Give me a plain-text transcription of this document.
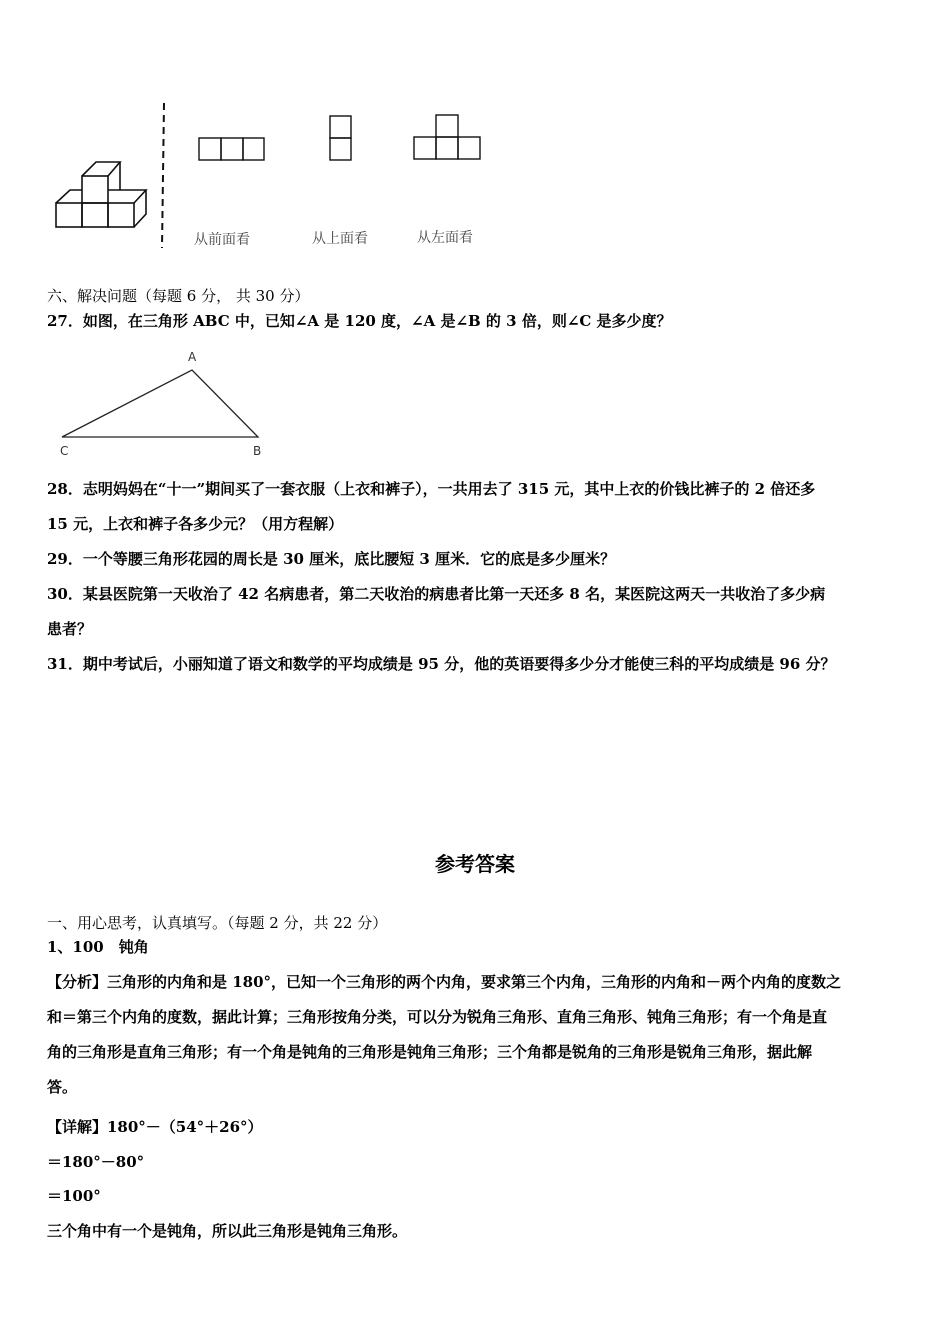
从前面看	从上面看	从左面看
六、解决问题（每题 6 分， 共 30 分）
27．如图，在三角形 ABC 中，已知∠A 是 120 度，∠A 是∠B 的 3 倍，则∠C 是多少度？
A
C	B
28．志明妈妈在“十一”期间买了一套衣服（上衣和裤子），一共用去了 315 元，其中上衣的价钱比裤子的 2 倍还多
15 元，上衣和裤子各多少元？（用方程解）
29．一个等腰三角形花园的周长是 30 厘米，底比腰短 3 厘米．它的底是多少厘米？
30．某县医院第一天收治了 42 名病患者，第二天收治的病患者比第一天还多 8 名，某医院这两天一共收治了多少病
患者？
31．期中考试后，小丽知道了语文和数学的平均成绩是 95 分，他的英语要得多少分才能使三科的平均成绩是 96 分？
参考答案
一、用心思考，认真填写。（每题 2 分，共 22 分）
1、100　钝角
【分析】三角形的内角和是 180°，已知一个三角形的两个内角，要求第三个内角，三角形的内角和－两个内角的度数之
和＝第三个内角的度数，据此计算；三角形按角分类，可以分为锐角三角形、直角三角形、钝角三角形；有一个角是直
角的三角形是直角三角形；有一个角是钝角的三角形是钝角三角形；三个角都是锐角的三角形是锐角三角形，据此解
答。
【详解】180°－（54°＋26°）
＝180°－80°
＝100°
三个角中有一个是钝角，所以此三角形是钝角三角形。
